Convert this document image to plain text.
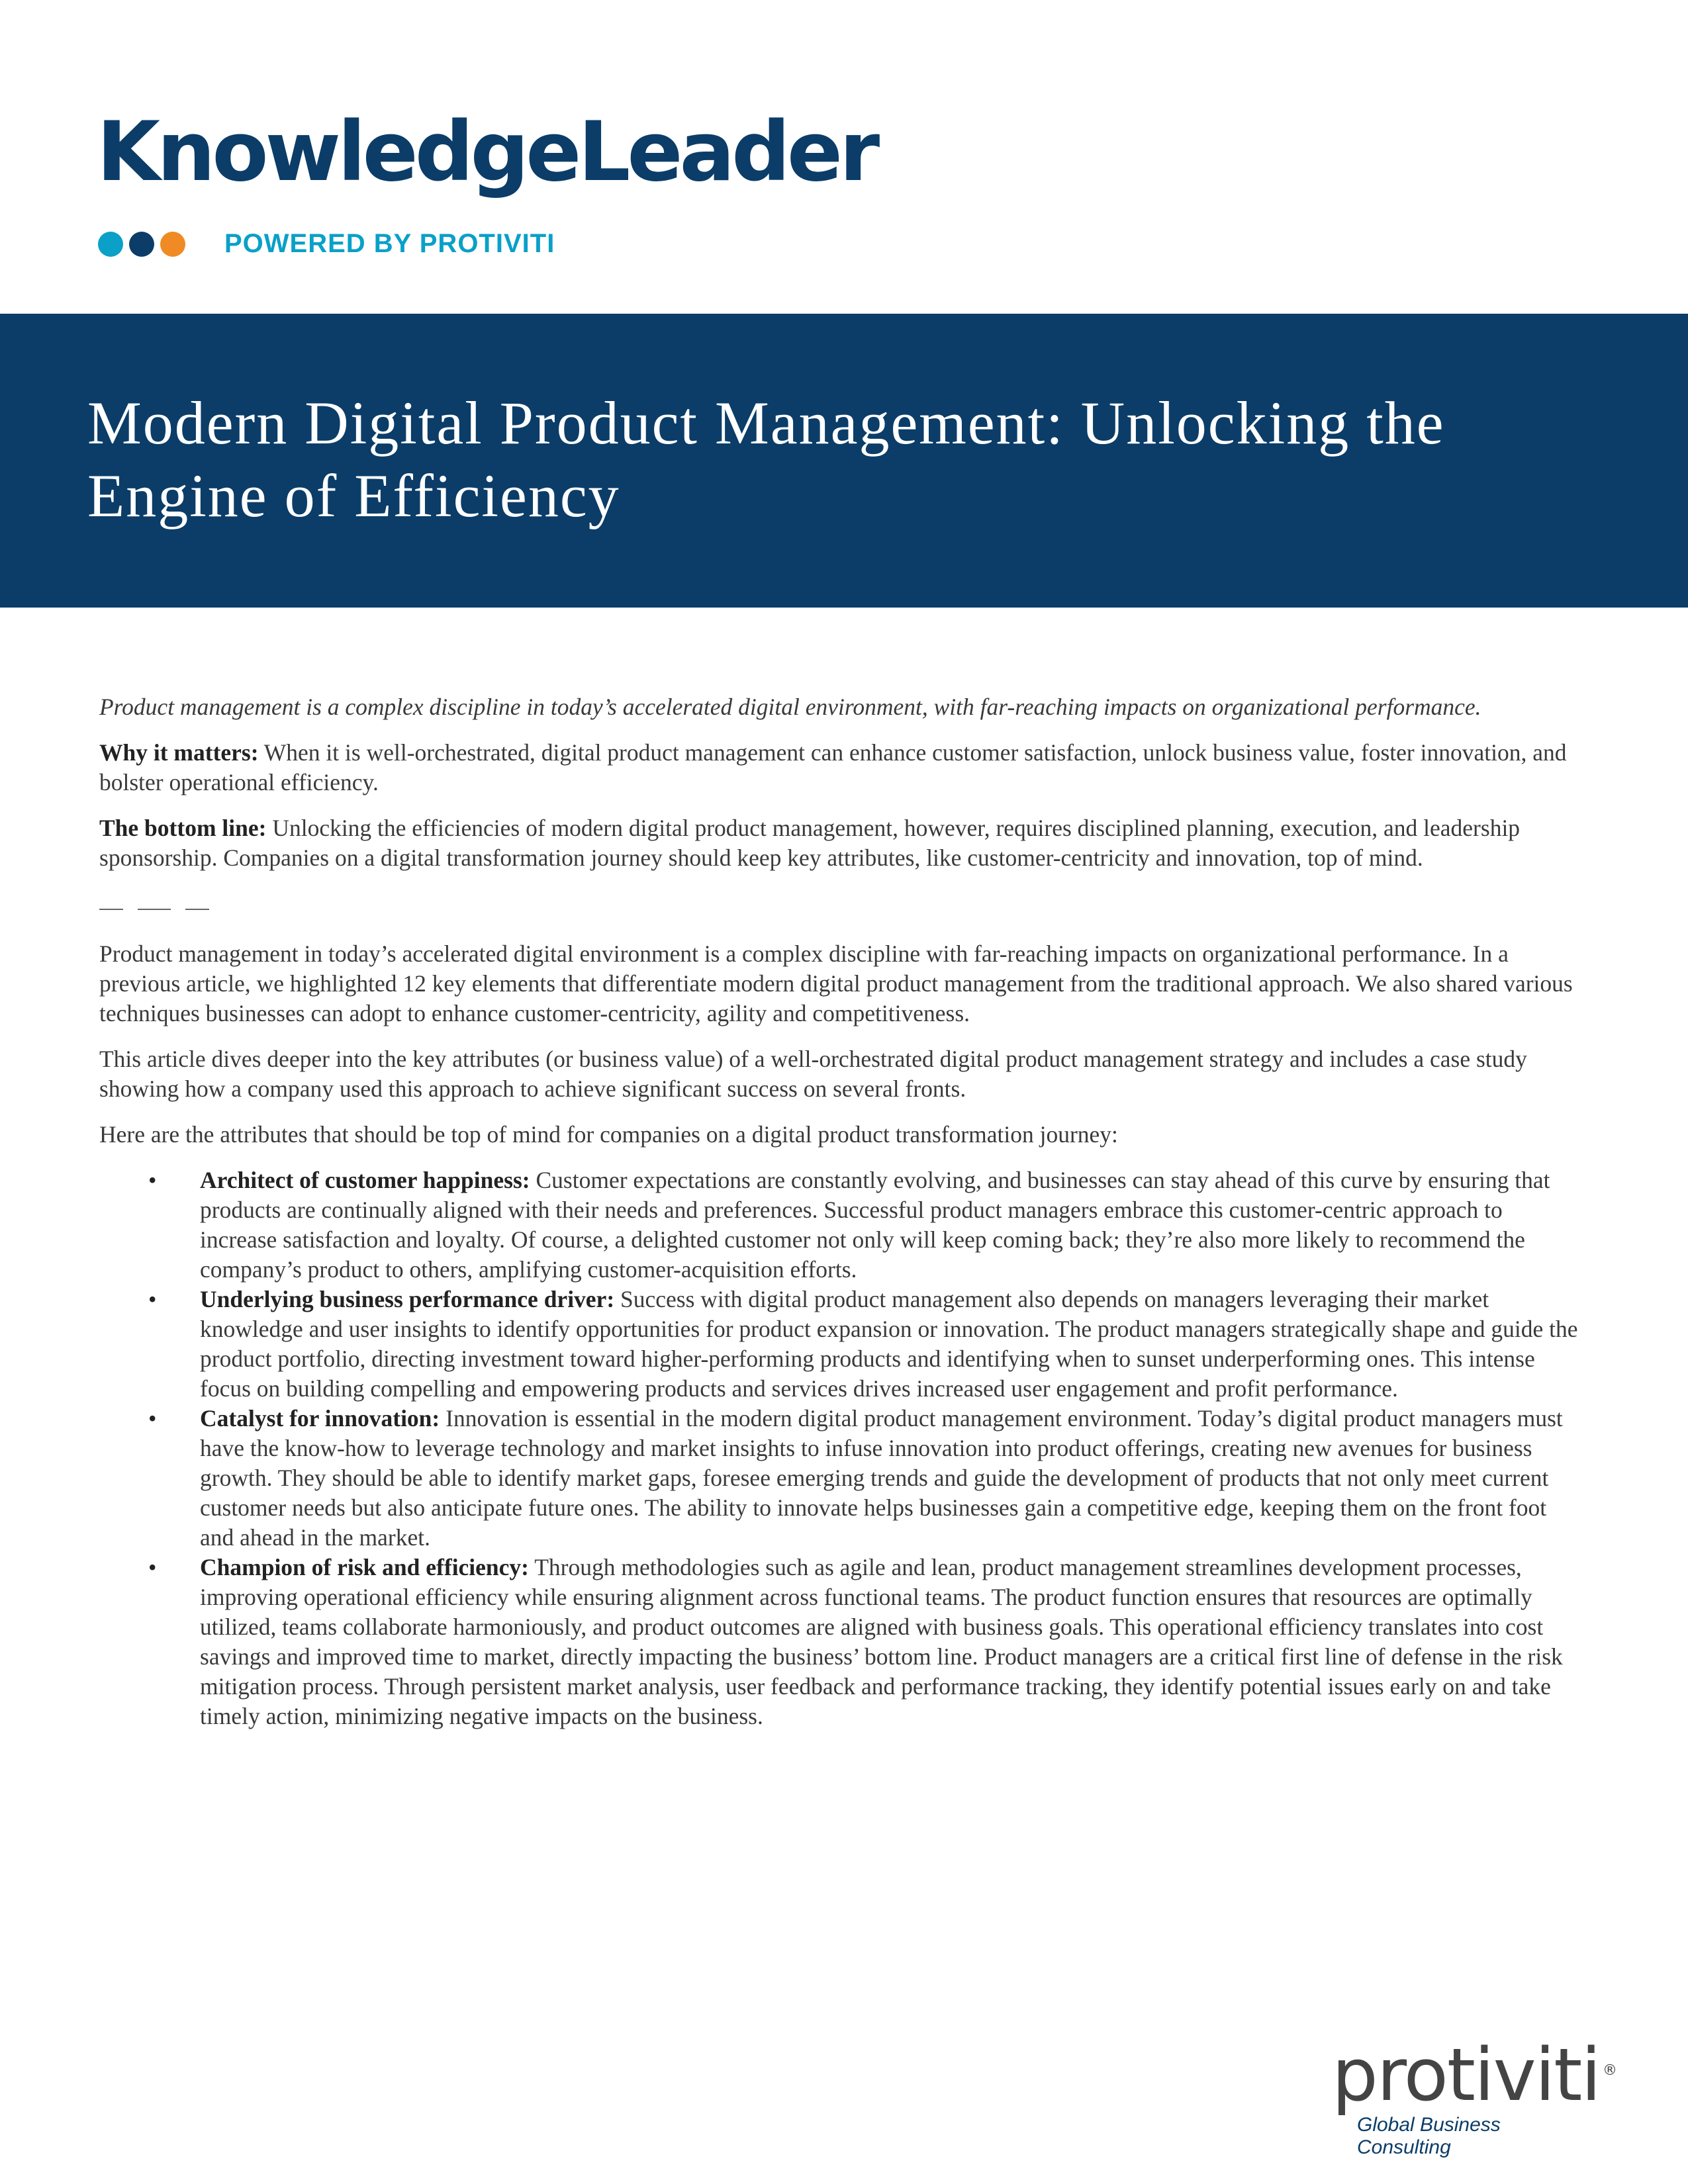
KnowledgeLeader
POWERED BY PROTIVITI
Modern Digital Product Management: Unlocking the Engine of Efficiency

Product management is a complex discipline in today’s accelerated digital environment, with far-reaching impacts on organizational performance.

Why it matters: When it is well-orchestrated, digital product management can enhance customer satisfaction, unlock business value, foster innovation, and bolster operational efficiency.

The bottom line: Unlocking the efficiencies of modern digital product management, however, requires disciplined planning, execution, and leadership sponsorship. Companies on a digital transformation journey should keep key attributes, like customer-centricity and innovation, top of mind.

Product management in today’s accelerated digital environment is a complex discipline with far-reaching impacts on organizational performance. In a previous article, we highlighted 12 key elements that differentiate modern digital product management from the traditional approach. We also shared various techniques businesses can adopt to enhance customer-centricity, agility and competitiveness.

This article dives deeper into the key attributes (or business value) of a well-orchestrated digital product management strategy and includes a case study showing how a company used this approach to achieve significant success on several fronts.

Here are the attributes that should be top of mind for companies on a digital product transformation journey:

• Architect of customer happiness: Customer expectations are constantly evolving, and businesses can stay ahead of this curve by ensuring that products are continually aligned with their needs and preferences. Successful product managers embrace this customer-centric approach to increase satisfaction and loyalty. Of course, a delighted customer not only will keep coming back; they’re also more likely to recommend the company’s product to others, amplifying customer-acquisition efforts.
• Underlying business performance driver: Success with digital product management also depends on managers leveraging their market knowledge and user insights to identify opportunities for product expansion or innovation. The product managers strategically shape and guide the product portfolio, directing investment toward higher-performing products and identifying when to sunset underperforming ones. This intense focus on building compelling and empowering products and services drives increased user engagement and profit performance.
• Catalyst for innovation: Innovation is essential in the modern digital product management environment. Today’s digital product managers must have the know-how to leverage technology and market insights to infuse innovation into product offerings, creating new avenues for business growth. They should be able to identify market gaps, foresee emerging trends and guide the development of products that not only meet current customer needs but also anticipate future ones. The ability to innovate helps businesses gain a competitive edge, keeping them on the front foot and ahead in the market.
• Champion of risk and efficiency: Through methodologies such as agile and lean, product management streamlines development processes, improving operational efficiency while ensuring alignment across functional teams. The product function ensures that resources are optimally utilized, teams collaborate harmoniously, and product outcomes are aligned with business goals. This operational efficiency translates into cost savings and improved time to market, directly impacting the business’ bottom line. Product managers are a critical first line of defense in the risk mitigation process. Through persistent market analysis, user feedback and performance tracking, they identify potential issues early on and take timely action, minimizing negative impacts on the business.

protiviti ®

Global Business Consulting
